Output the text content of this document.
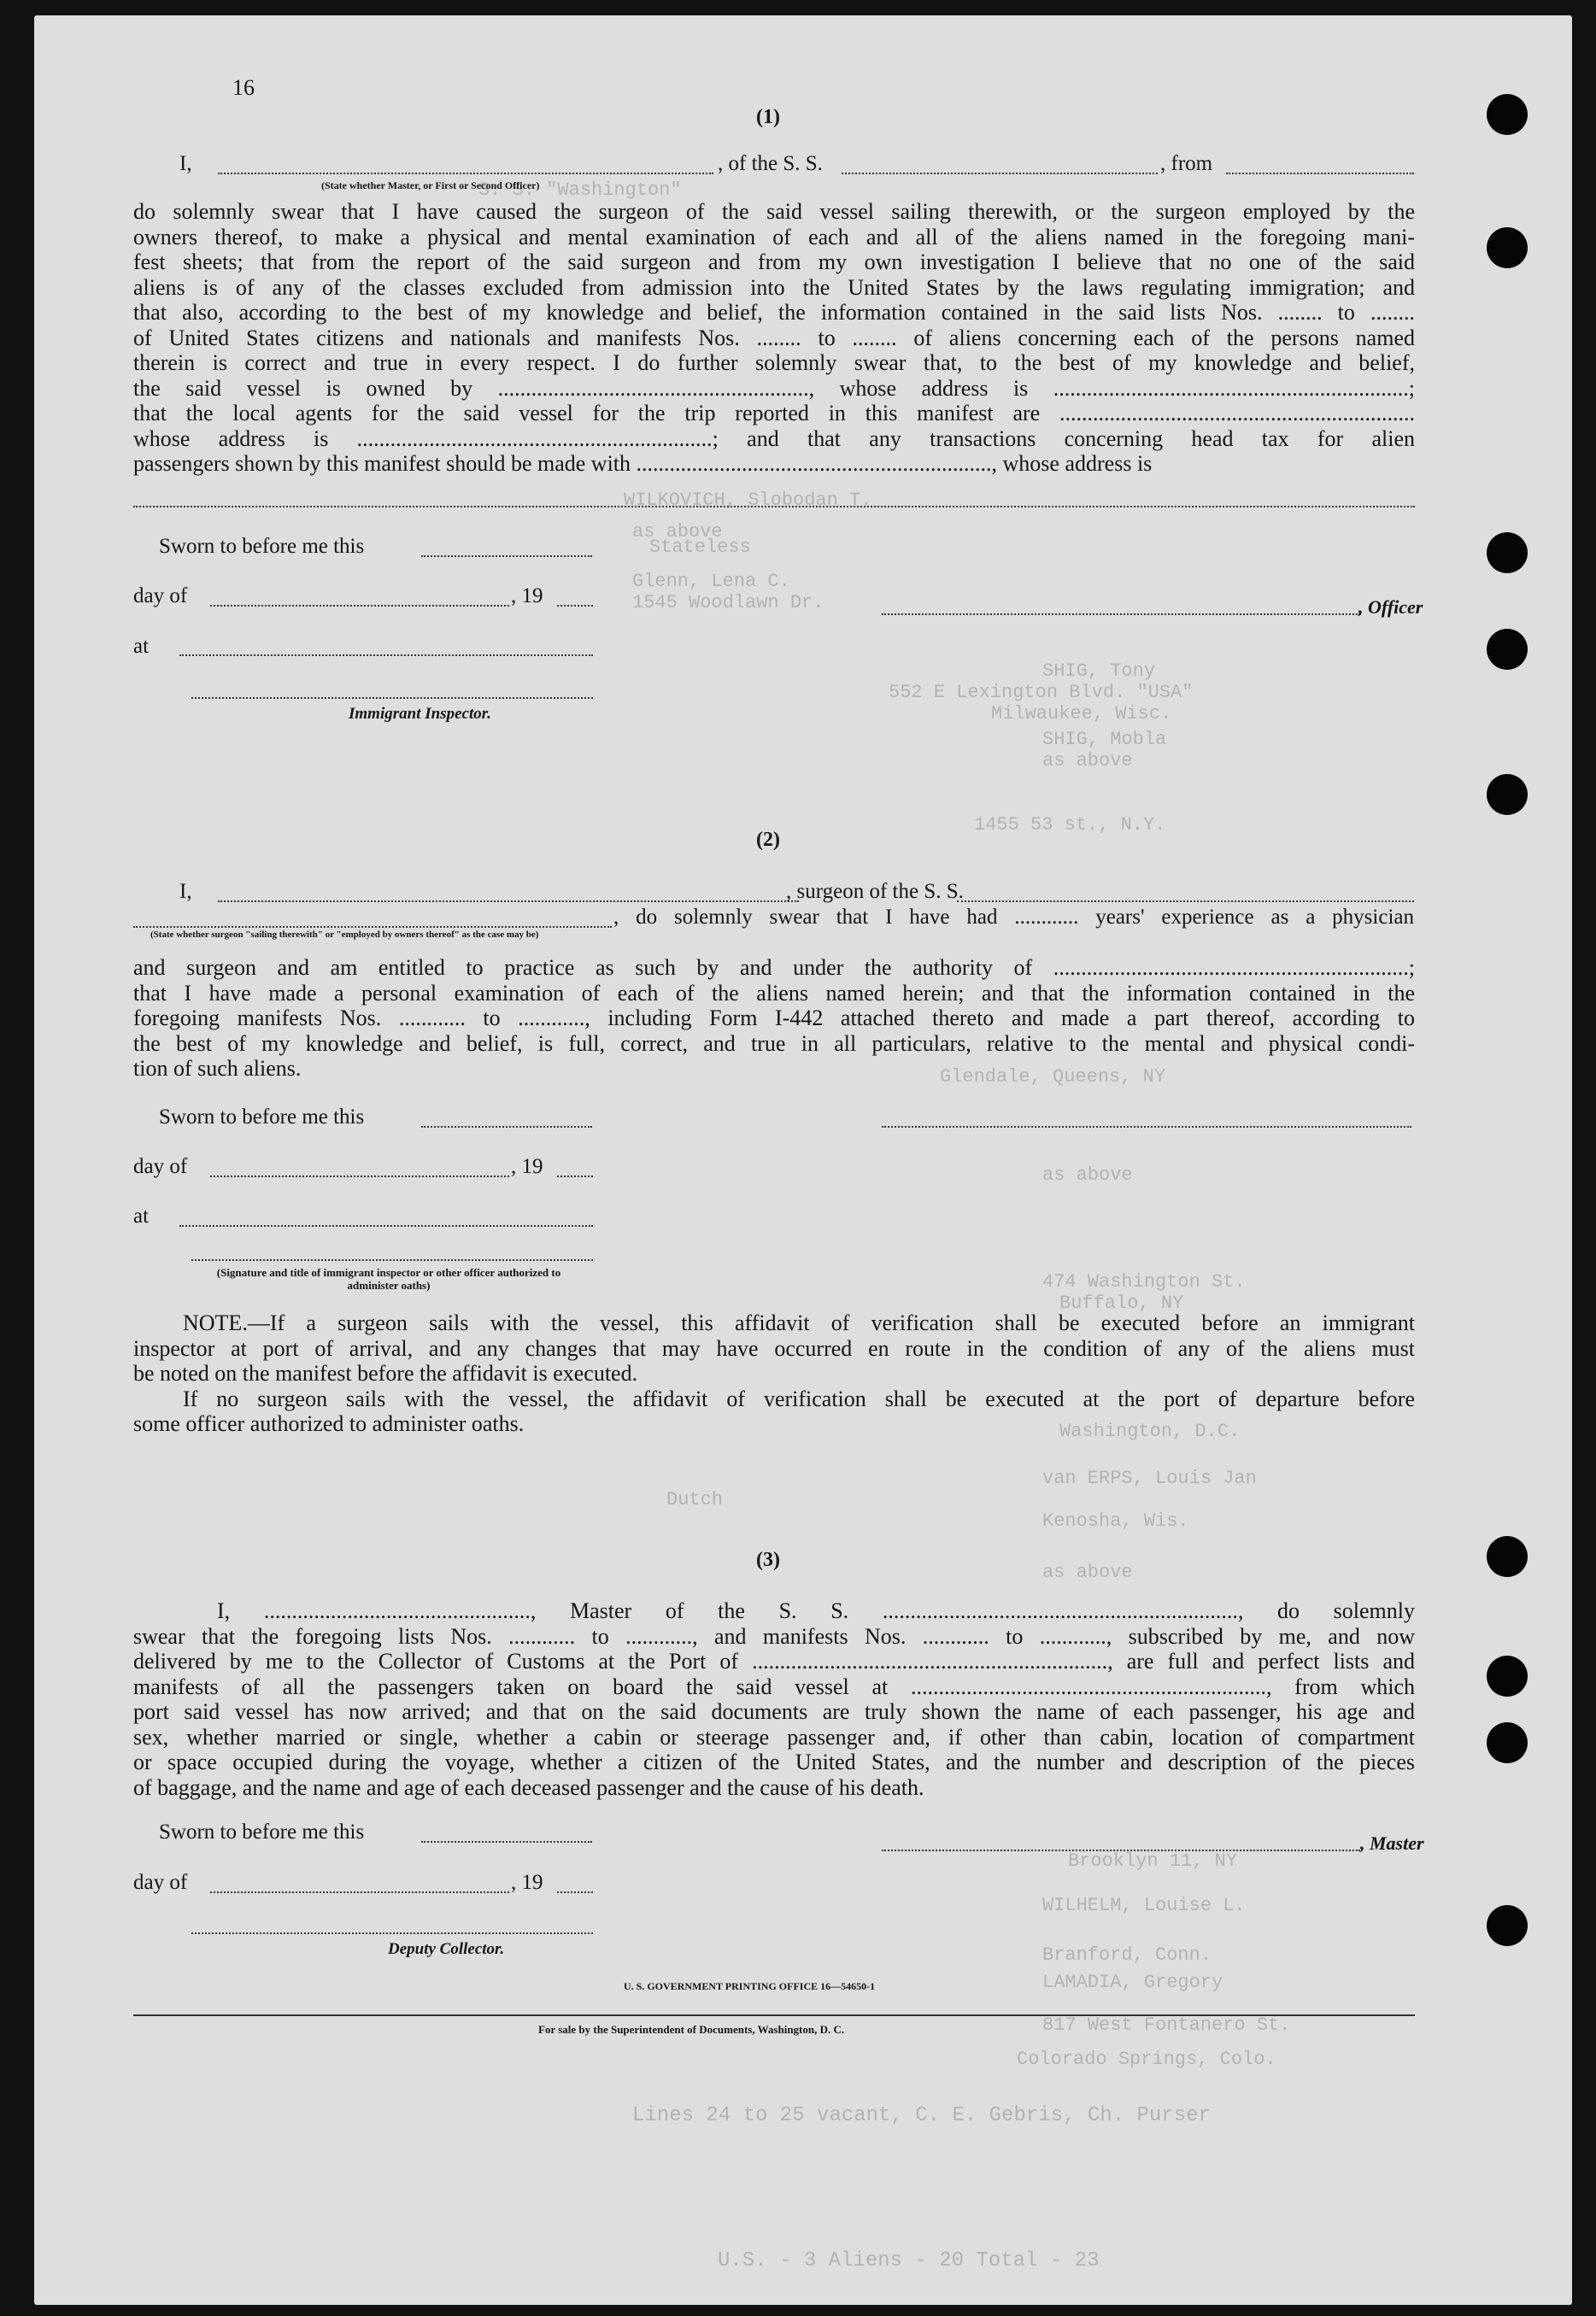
S. S. "Washington"
WILKOVICH, Slobodan T.
as above
Glenn, Lena C.
1545 Woodlawn Dr.
Stateless
SHIG, Tony
552 E Lexington Blvd. "USA"
Milwaukee, Wisc.
SHIG, Mobla
as above
1455 53 st., N.Y.
Glendale, Queens, NY
as above
474 Washington St.
Buffalo, NY
Washington, D.C.
van ERPS, Louis Jan
Dutch
Kenosha, Wis.
as above
Brooklyn 11, NY
WILHELM, Louise L.
Branford, Conn.
LAMADIA, Gregory
817 West Fontanero St.
Colorado Springs, Colo.
Lines 24 to 25 vacant, C. E. Gebris, Ch. Purser
U.S. - 3 Aliens - 20 Total - 23
16
(1)
I,	, of the S. S.	, from
(State whether Master, or First or Second Officer)
do solemnly swear that I have caused the surgeon of the said vessel sailing therewith, or the surgeon employed by the
owners thereof, to make a physical and mental examination of each and all of the aliens named in the foregoing mani-
fest sheets; that from the report of the said surgeon and from my own investigation I believe that no one of the said
aliens is of any of the classes excluded from admission into the United States by the laws regulating immigration; and
that also, according to the best of my knowledge and belief, the information contained in the said lists Nos. ........ to ........
of United States citizens and nationals and manifests Nos. ........ to ........ of aliens concerning each of the persons named
therein is correct and true in every respect. I do further solemnly swear that, to the best of my knowledge and belief,
the said vessel is owned by ........................................................, whose address is ................................................................;
that the local agents for the said vessel for the trip reported in this manifest are ................................................................
whose address is ................................................................; and that any transactions concerning head tax for alien
passengers shown by this manifest should be made with ................................................................, whose address is
Sworn to before me this
day of	, 19	, Officer
at
Immigrant Inspector.
(2)
I,	, surgeon of the S. S.
, do solemnly swear that I have had ............ years' experience as a physician
(State whether surgeon "sailing therewith" or "employed by owners thereof" as the case may be)
and surgeon and am entitled to practice as such by and under the authority of ................................................................;
that I have made a personal examination of each of the aliens named herein; and that the information contained in the
foregoing manifests Nos. ............ to ............, including Form I-442 attached thereto and made a part thereof, according to
the best of my knowledge and belief, is full, correct, and true in all particulars, relative to the mental and physical condi-
tion of such aliens.
Sworn to before me this
day of	, 19
at
(Signature and title of immigrant inspector or other officer authorized to administer oaths)
NOTE.—If a surgeon sails with the vessel, this affidavit of verification shall be executed before an immigrant
inspector at port of arrival, and any changes that may have occurred en route in the condition of any of the aliens must
be noted on the manifest before the affidavit is executed.
If no surgeon sails with the vessel, the affidavit of verification shall be executed at the port of departure before
some officer authorized to administer oaths.
(3)
I, ................................................, Master of the S. S. ................................................................, do solemnly
swear that the foregoing lists Nos. ............ to ............, and manifests Nos. ............ to ............, subscribed by me, and now
delivered by me to the Collector of Customs at the Port of ................................................................, are full and perfect lists and
manifests of all the passengers taken on board the said vessel at ................................................................, from which
port said vessel has now arrived; and that on the said documents are truly shown the name of each passenger, his age and
sex, whether married or single, whether a cabin or steerage passenger and, if other than cabin, location of compartment
or space occupied during the voyage, whether a citizen of the United States, and the number and description of the pieces
of baggage, and the name and age of each deceased passenger and the cause of his death.
Sworn to before me this	, Master
day of	, 19
Deputy Collector.
U. S. GOVERNMENT PRINTING OFFICE 16—54650-1
For sale by the Superintendent of Documents, Washington, D. C.
